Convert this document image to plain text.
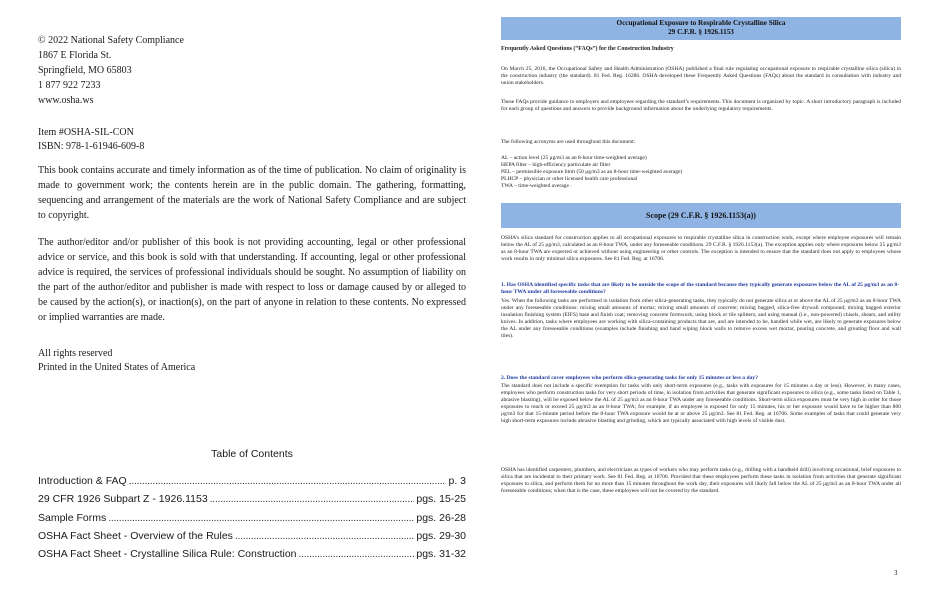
© 2022 National Safety Compliance
1867 E Florida St.
Springfield, MO 65803
1 877 922 7233
www.osha.ws
Item #OSHA-SIL-CON
ISBN: 978-1-61946-609-8

This book contains accurate and timely information as of the time of publication. No claim of originality is made to government work; the contents herein are in the public domain. The gathering, formatting, sequencing and arrangement of the materials are the work of National Safety Compliance and are subject to copyright.

The author/editor and/or publisher of this book is not providing accounting, legal or other professional advice or service, and this book is sold with that understanding. If accounting, legal or other professional advice is required, the services of professional individuals should be sought. No assumption of liability on the part of the author/editor and publisher is made with respect to loss or damage caused by or alleged to be caused by the action(s), or inaction(s), on the part of anyone in relation to these contents. No expressed or implied warranties are made.

All rights reserved
Printed in the United States of America
Table of Contents
Introduction & FAQ . . .	p. 3
29 CFR 1926 Subpart Z - 1926.1153 . . .	pgs. 15-25
Sample Forms . . .	pgs. 26-28
OSHA Fact Sheet - Overview of the Rules . . .	pgs. 29-30
OSHA Fact Sheet - Crystalline Silica Rule: Construction . . .	pgs. 31-32
Occupational Exposure to Respirable Crystalline Silica
29 C.F.R. § 1926.1153
Frequently Asked Questions (“FAQs”) for the Construction Industry
On March 25, 2016, the Occupational Safety and Health Administration (OSHA) published a final rule regulating occupational exposure to respirable crystalline silica (silica) in the construction industry (the standard). 81 Fed. Reg. 16286. OSHA developed these Frequently Asked Questions (FAQs) about the standard in consultation with industry and union stakeholders.
These FAQs provide guidance to employers and employees regarding the standard’s requirements. This document is organized by topic. A short introductory paragraph is included for each group of questions and answers to provide background information about the underlying regulatory requirements.
The following acronyms are used throughout this document:
AL – action level (25 μg/m3 as an 8-hour time-weighted average)
HEPA filter – high-efficiency particulate air filter
PEL – permissible exposure limit (50 μg/m3 as an 8-hour time-weighted average)
PLHCP – physician or other licensed health care professional
TWA – time-weighted average .
Scope (29 C.F.R. § 1926.1153(a))
OSHA’s silica standard for construction applies to all occupational exposures to respirable crystalline silica in construction work, except where employee exposures will remain below the AL of 25 μg/m3, calculated as an 8-hour TWA, under any foreseeable conditions. 29 C.F.R. § 1926.1153(a). The exception applies only where exposures below 25 μg/m3 as an 8-hour TWA are expected or achieved without using engineering or other controls. The exception is intended to ensure that the standard does not apply to employees whose work results in only minimal silica exposures. See 81 Fed. Reg. at 16706.
1. Has OSHA identified specific tasks that are likely to be outside the scope of the standard because they typically generate exposures below the AL of 25 μg/m3 as an 8-hour TWA under all foreseeable conditions?
Yes. When the following tasks are performed in isolation from other silica-generating tasks, they typically do not generate silica at or above the AL of 25 μg/m3 as an 8-hour TWA under any foreseeable conditions: mixing small amounts of mortar; mixing small amounts of concrete; mixing bagged, silica-free drywall compound; mixing bagged exterior insulation finishing system (EIFS) base and finish coat; removing concrete formwork; using block or tile splitters; and using manual (i.e., non-powered) chisels, shears, and utility knives. In addition, tasks where employees are working with silica-containing products that are, and are intended to be, handled while wet, are likely to generate exposures below the AL under any foreseeable conditions (examples include finishing and hand wiping block walls to remove excess wet mortar, pouring concrete, and grouting floor and wall tiles).
2. Does the standard cover employees who perform silica-generating tasks for only 15 minutes or less a day?
The standard does not include a specific exemption for tasks with only short-term exposures (e.g., tasks with exposures for 15 minutes a day or less). However, in many cases, employees who perform construction tasks for very short periods of time, in isolation from activities that generate significant exposures to silica (e.g., some tasks listed on Table 1, abrasive blasting), will be exposed below the AL of 25 μg/m3 as an 8-hour TWA under any foreseeable conditions. Short-term silica exposures must be very high in order for those exposures to reach or exceed 25 μg/m3 as an 8-hour TWA; for example, if an employee is exposed for only 15 minutes, his or her exposure would have to be higher than 800 μg/m3 for that 15-minute period before the 8-hour TWA exposure would be at or above 25 μg/m3. See 81 Fed. Reg. at 16706. Some examples of tasks that could generate very high short-term exposures include abrasive blasting and grinding, which are typically associated with high levels of visible dust.
OSHA has identified carpenters, plumbers, and electricians as types of workers who may perform tasks (e.g., drilling with a handheld drill) involving occasional, brief exposures to silica that are incidental to their primary work. See 81 Fed. Reg. at 16706. Provided that these employees perform these tasks in isolation from activities that generate significant exposures to silica, and perform them for no more than 15 minutes throughout the work day, their exposures will likely fall below the AL of 25 μg/m3 as an 8-hour TWA under all foreseeable conditions; when that is the case, these employees will not be covered by the standard.
3
